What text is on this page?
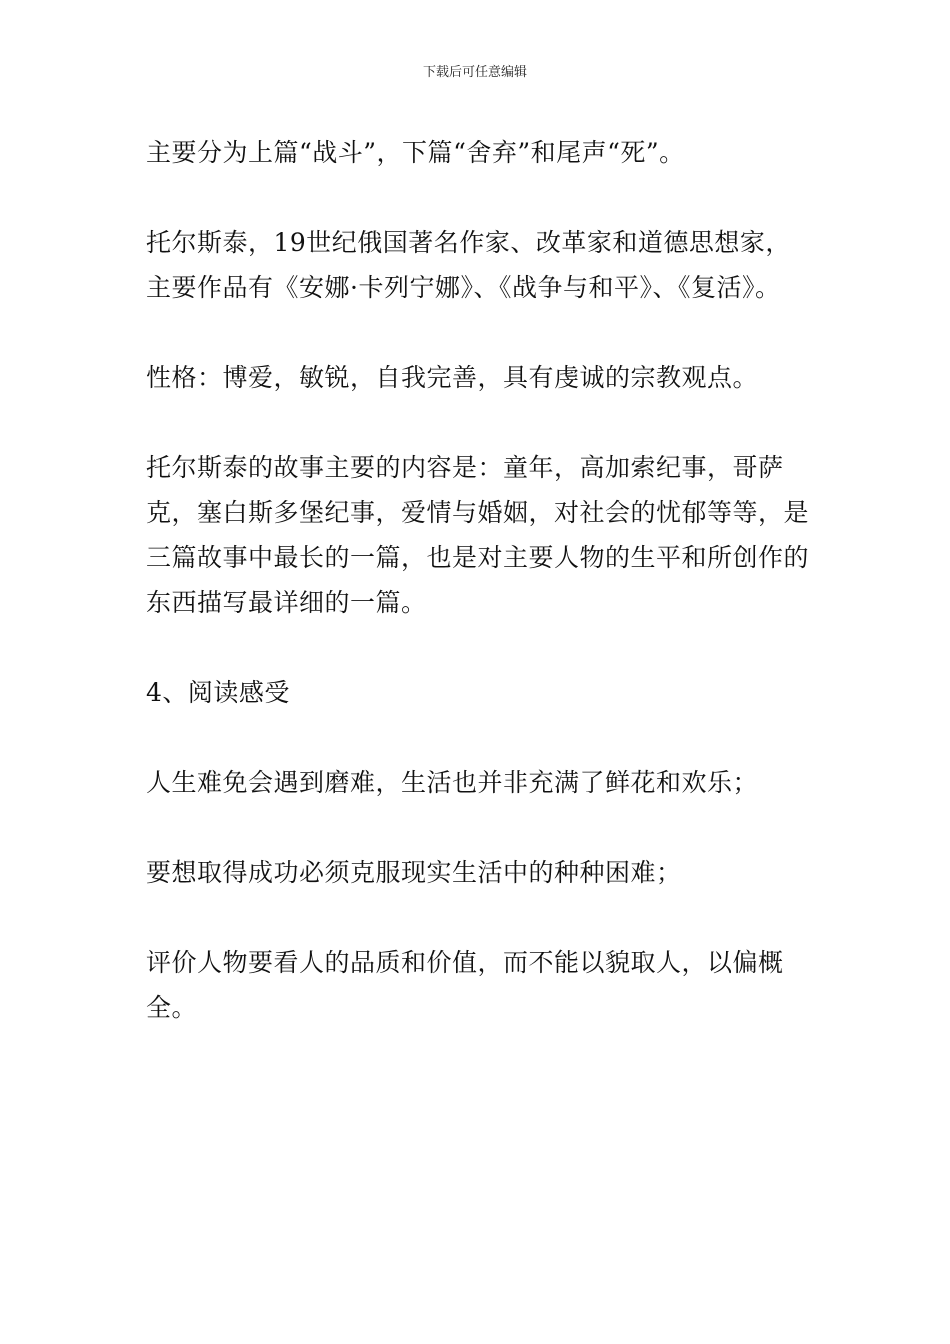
下载后可任意编辑

主要分为上篇“战斗”，下篇“舍弃”和尾声“死”。

托尔斯泰，19世纪俄国著名作家、改革家和道德思想家，主要作品有《安娜·卡列宁娜》、《战争与和平》、《复活》。

性格：博爱，敏锐，自我完善，具有虔诚的宗教观点。

托尔斯泰的故事主要的内容是：童年，高加索纪事，哥萨克，塞白斯多堡纪事，爱情与婚姻，对社会的忧郁等等，是三篇故事中最长的一篇，也是对主要人物的生平和所创作的东西描写最详细的一篇。

4、阅读感受

人生难免会遇到磨难，生活也并非充满了鲜花和欢乐；

要想取得成功必须克服现实生活中的种种困难；

评价人物要看人的品质和价值，而不能以貌取人，以偏概全。
